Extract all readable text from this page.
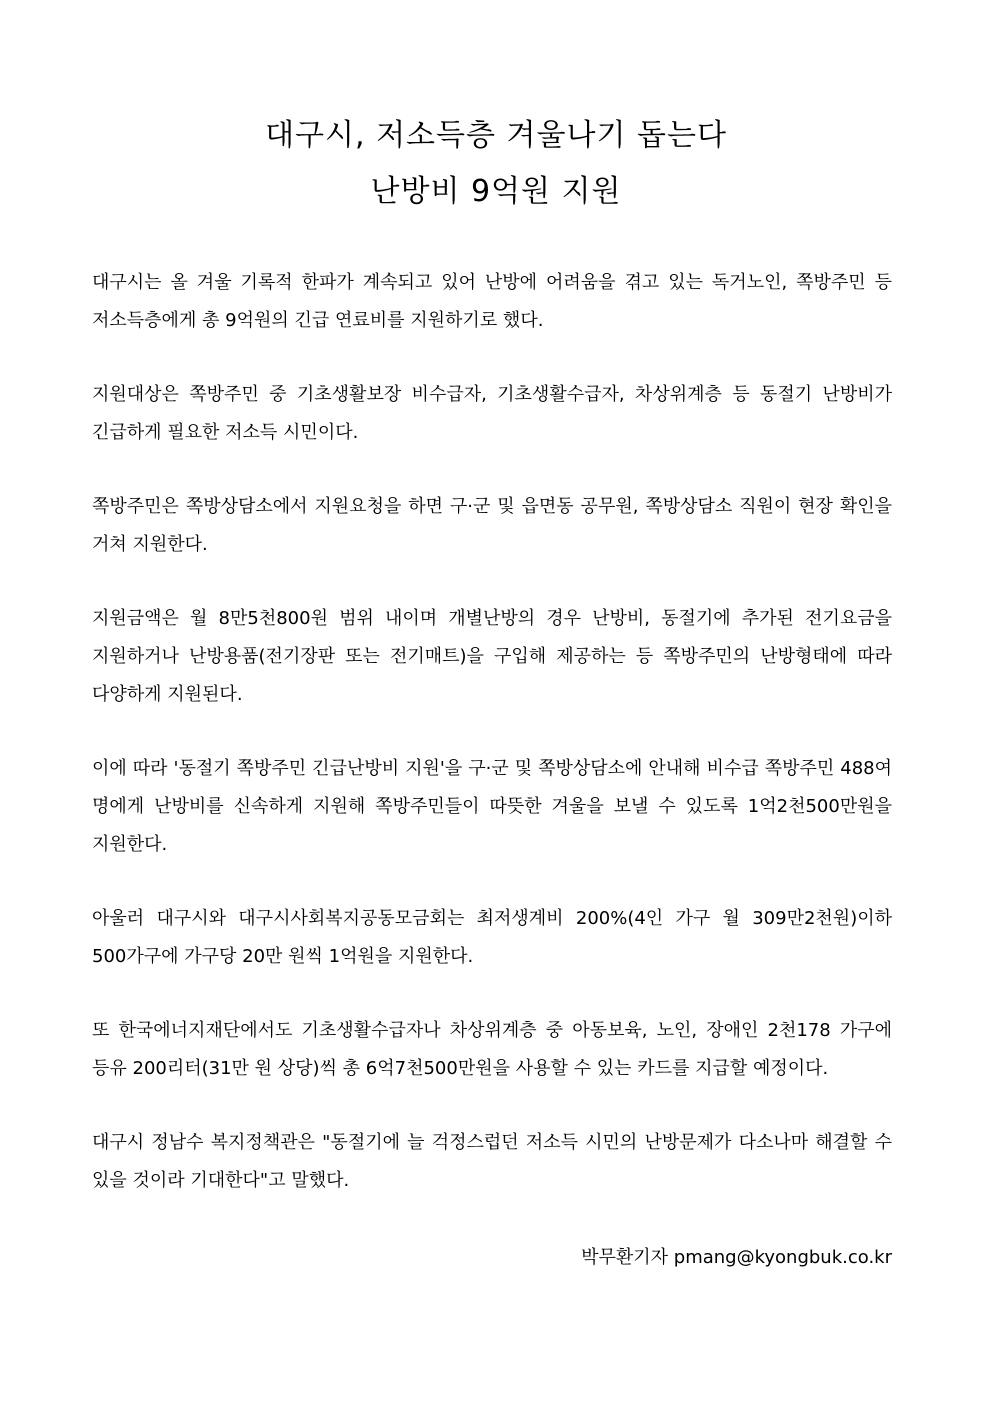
대구시, 저소득층 겨울나기 돕는다
난방비 9억원 지원

대구시는 올 겨울 기록적 한파가 계속되고 있어 난방에 어려움을 겪고 있는 독거노인, 쪽방주민 등 저소득층에게 총 9억원의 긴급 연료비를 지원하기로 했다.

지원대상은 쪽방주민 중 기초생활보장 비수급자, 기초생활수급자, 차상위계층 등 동절기 난방비가 긴급하게 필요한 저소득 시민이다.

쪽방주민은 쪽방상담소에서 지원요청을 하면 구·군 및 읍면동 공무원, 쪽방상담소 직원이 현장 확인을 거쳐 지원한다.

지원금액은 월 8만5천800원 범위 내이며 개별난방의 경우 난방비, 동절기에 추가된 전기요금을 지원하거나 난방용품(전기장판 또는 전기매트)을 구입해 제공하는 등 쪽방주민의 난방형태에 따라 다양하게 지원된다.

이에 따라 '동절기 쪽방주민 긴급난방비 지원'을 구·군 및 쪽방상담소에 안내해 비수급 쪽방주민 488여 명에게 난방비를 신속하게 지원해 쪽방주민들이 따뜻한 겨울을 보낼 수 있도록 1억2천500만원을 지원한다.

아울러 대구시와 대구시사회복지공동모금회는 최저생계비 200%(4인 가구 월 309만2천원)이하 500가구에 가구당 20만 원씩 1억원을 지원한다.

또 한국에너지재단에서도 기초생활수급자나 차상위계층 중 아동보육, 노인, 장애인 2천178 가구에 등유 200리터(31만 원 상당)씩 총 6억7천500만원을 사용할 수 있는 카드를 지급할 예정이다.

대구시 정남수 복지정책관은 "동절기에 늘 걱정스럽던 저소득 시민의 난방문제가 다소나마 해결할 수 있을 것이라 기대한다"고 말했다.

박무환기자 pmang@kyongbuk.co.kr
